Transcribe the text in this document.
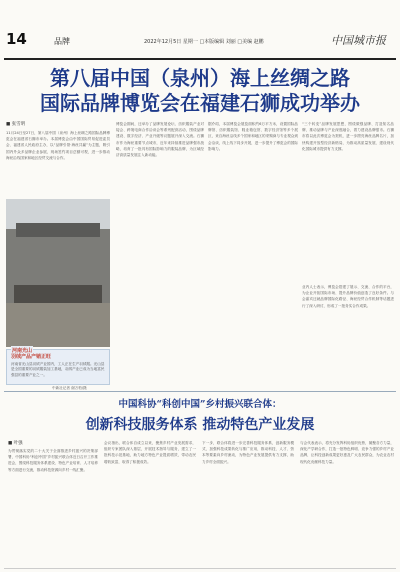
14	品牌	2022年12月5日 星期一 □本版编辑 刘丽 □美编 赵鹏	中国城市报
第八届中国（泉州）海上丝绸之路
国际品牌博览会在福建石狮成功举办
■ 张雪明
11月24日至27日，第八届中国（泉州）海上丝绸之路国际品牌博览会在福建省石狮市举办。本届博览会由中国国际贸易促进委员会、福建省人民政府主办，以“品牌引领·海丝共赢”为主题，吸引国内外众多品牌企业参展，现场签约项目总额可观，进一步推动海丝沿线国家和地区经贸交流与合作。
博览会期间，还举办了品牌发展论坛、纺织服装产业对接会、跨境电商合作洽谈会等系列配套活动，围绕品牌建设、数字经济、产业升级等议题展开深入交流。石狮市作为海丝重要节点城市，近年来持续推进品牌强市战略，培育了一批具有国际影响力的服装品牌，为区域经济高质量发展注入新动能。
据介绍，本届博览会展览面积约6万平方米，设置国际品牌馆、纺织服装馆、鞋业箱包馆、数字经济馆等多个展区，来自海丝沿线多个国家和地区的采购商与专业观众到会洽谈，线上线下同步开展，进一步提升了博览会的国际影响力。
“三个转变”品牌发展思想，围绕做强品牌、打造知名品牌，推动品牌与产业深度融合，着力建设品牌强市。石狮市将以此次博览会为契机，进一步擦亮海丝品牌名片，加快构建开放型经济新格局，为推动高质量发展、建设现代化国际城市提供有力支撑。
业内人士表示，博览会搭建了展示、交流、合作的平台，为企业开拓国际市场、提升品牌价值创造了良好条件。与会嘉宾还就品牌国际化路径、海丝经贸合作机制等话题进行了深入研讨，形成了一批务实合作成果。
河南光山
羽绒产品产销正旺
河南省光山县羽绒产业园内，工人正在生产羽绒服。光山县是全国重要的羽绒服装加工基地，羽绒产业已成为当地富民强县的重要产业之一。
中新社记者 谢万柏/摄
中国科协“科创中国”乡村振兴联合体：
创新科技服务体系 推动特色产业发展
■ 叶强
为贯彻落实党的二十大关于全面推进乡村振兴的决策部署，中国科协“科创中国”乡村振兴联合体近日召开工作推进会，围绕科技服务体系建设、特色产业培育、人才培养等方面进行交流，推动科技资源向乡村一线汇聚。
会议指出，联合体自成立以来，聚焦乡村产业发展需求，组织专家团队深入基层，开展技术指导与服务，建立了一批科技示范基地，助力地方特色产业提质增效，带动农民增收致富，取得了积极成效。
下一步，联合体将进一步完善科技服务体系，创新服务模式，加强科技成果转化与推广应用，推动科技、人才、资本等要素向乡村流动，为特色产业发展提供有力支撑，助力乡村全面振兴。
与会代表表示，将充分发挥科协组织优势，凝聚各方力量，深化产学研合作，打造一批特色鲜明、竞争力强的乡村产业品牌，让科技创新成果更好惠及广大农民群众，为农业农村现代化贡献科技力量。
